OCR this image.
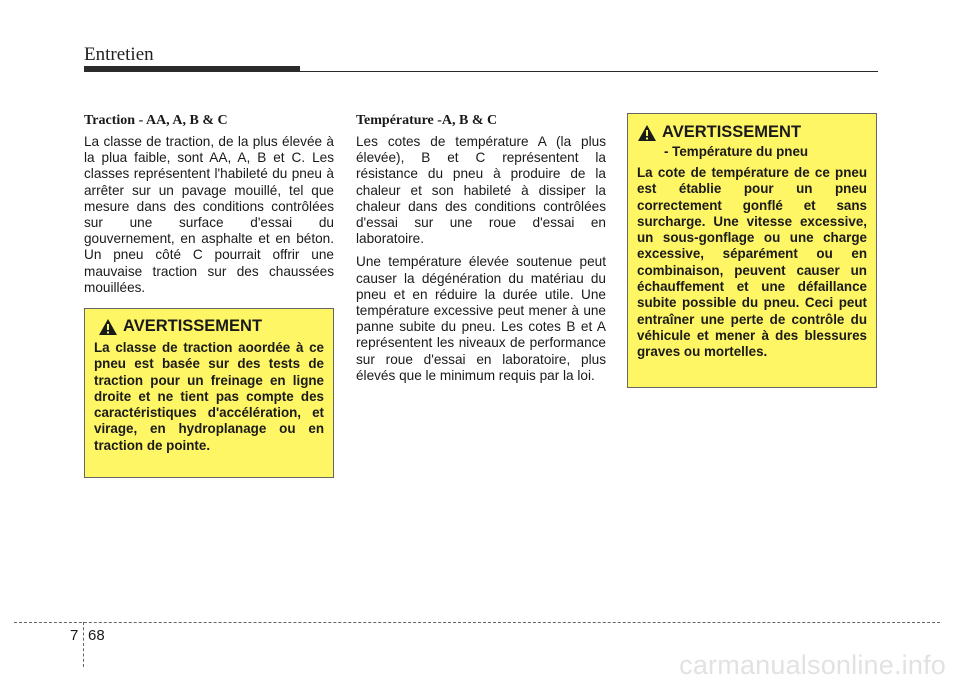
Entretien
Traction - AA, A, B & C

La classe de traction, de la plus élevée à la plua faible, sont AA, A, B et C. Les classes représentent l'habileté du pneu à arrêter sur un pavage mouillé, tel que mesure dans des conditions contrôlées sur une surface d'essai du gouvernement, en asphalte et en béton. Un pneu côté C pourrait offrir une mauvaise traction sur des chaussées mouillées.

AVERTISSEMENT

La classe de traction aoordée à ce pneu est basée sur des tests de traction pour un freinage en ligne droite et ne tient pas compte des caractéristiques d'accélération, et virage, en hydroplanage ou en traction de pointe.

Température -A, B & C

Les cotes de température A (la plus élevée), B et C représentent la résistance du pneu à produire de la chaleur et son habileté à dissiper la chaleur dans des conditions contrôlées d'essai sur une roue d'essai en laboratoire.

Une température élevée soutenue peut causer la dégénération du matériau du pneu et en réduire la durée utile. Une température excessive peut mener à une panne subite du pneu. Les cotes B et A représentent les niveaux de performance sur roue d'essai en laboratoire, plus élevés que le minimum requis par la loi.

AVERTISSEMENT
- Température du pneu

La cote de température de ce pneu est établie pour un pneu correctement gonflé et sans surcharge. Une vitesse excessive, un sous-gonflage ou une charge excessive, séparément ou en combinaison, peuvent causer un échauffement et une défaillance subite possible du pneu. Ceci peut entraîner une perte de contrôle du véhicule et mener à des blessures graves ou mortelles.

7 68
carmanualsonline.info
